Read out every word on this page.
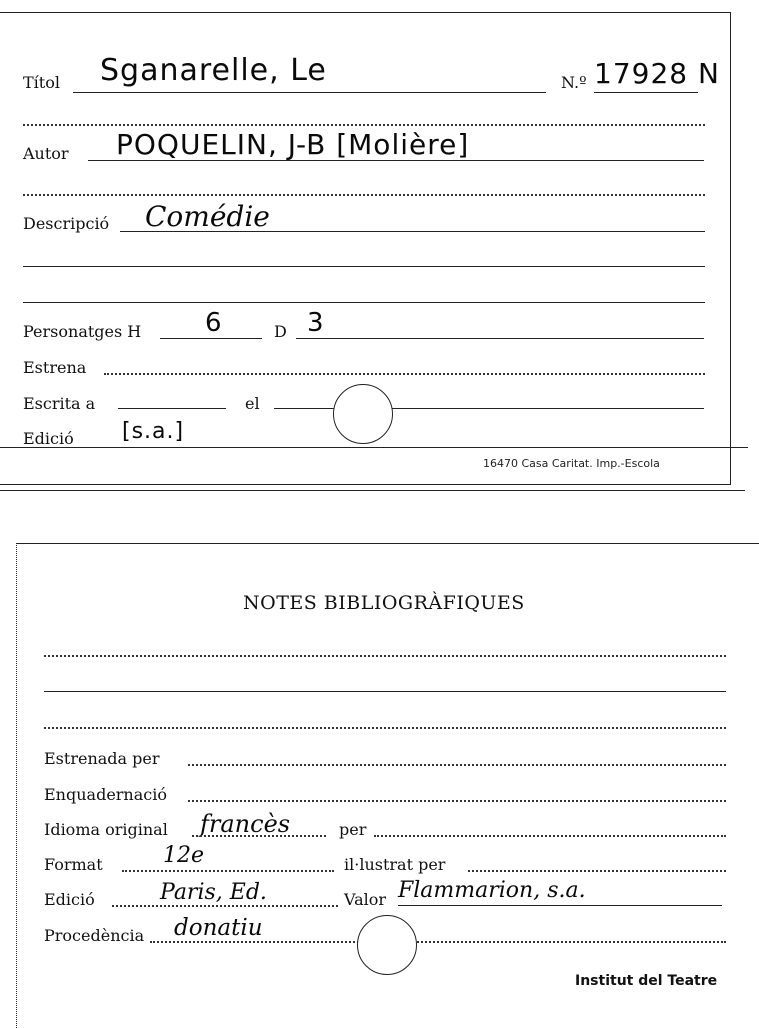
Títol Sganarelle, Le	N.º 17928 N
Autor POQUELIN, J-B [Molière]
Descripció Comédie
Personatges H 6	D 3
Estrena
Escrita a	el
Edició [s.a.]
16470 Casa Caritat. Imp.-Escola
NOTES BIBLIOGRÀFIQUES
Estrenada per
Enquadernació
Idioma original francès	per
Format	12e	il·lustrat per
Edició	Paris, Ed.	Valor Flammarion, s.a.
Procedència donatiu
Institut del Teatre
